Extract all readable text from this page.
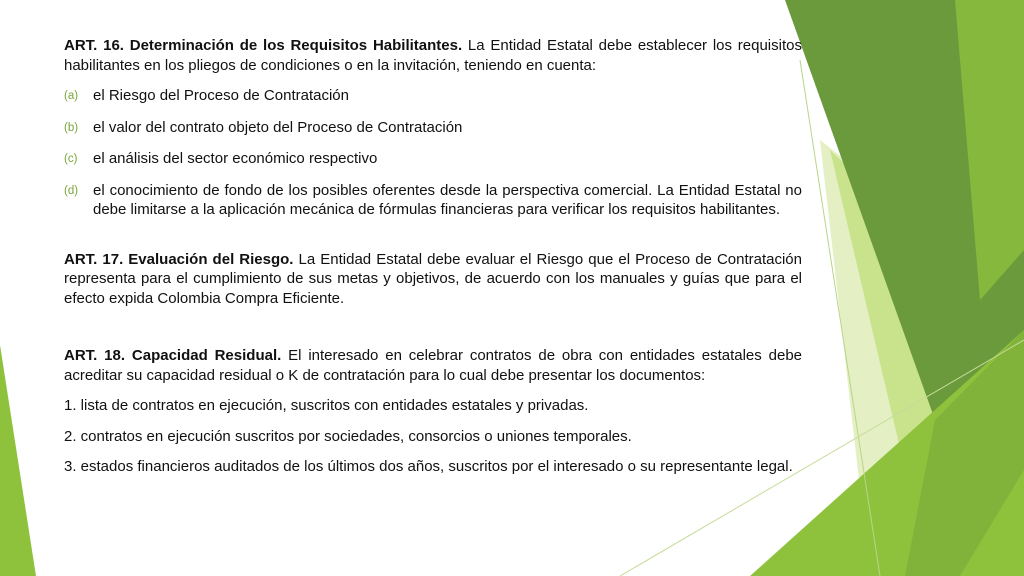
ART. 16. Determinación de los Requisitos Habilitantes. La Entidad Estatal debe establecer los requisitos habilitantes en los pliegos de condiciones o en la invitación, teniendo en cuenta:

(a) el Riesgo del Proceso de Contratación
(b) el valor del contrato objeto del Proceso de Contratación
(c)	el análisis del sector económico respectivo
(d) el conocimiento de fondo de los posibles oferentes desde la perspectiva comercial. La Entidad Estatal no debe limitarse a la aplicación mecánica de fórmulas financieras para verificar los requisitos habilitantes.

ART. 17. Evaluación del Riesgo. La Entidad Estatal debe evaluar el Riesgo que el Proceso de Contratación representa para el cumplimiento de sus metas y objetivos, de acuerdo con los manuales y guías que para el efecto expida Colombia Compra Eficiente.

ART. 18. Capacidad Residual. El interesado en celebrar contratos de obra con entidades estatales debe acreditar su capacidad residual o K de contratación para lo cual debe presentar los documentos:

1. lista de contratos en ejecución, suscritos con entidades estatales y privadas.
2. contratos en ejecución suscritos por sociedades, consorcios o uniones temporales.
3. estados financieros auditados de los últimos dos años, suscritos por el interesado o su representante legal.
